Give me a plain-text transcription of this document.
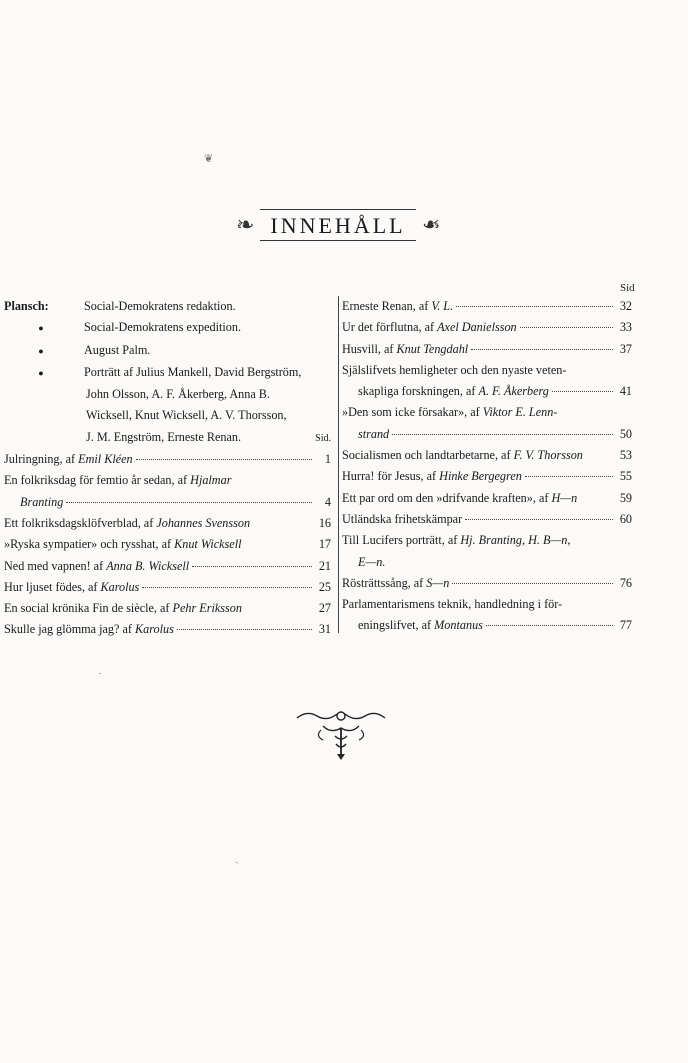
❦
ˎ
·
❧ INNEHÅLL ❧
Sid
Plansch:	Social-Demokratens redaktion.
●	Social-Demokratens expedition.
●	August Palm.
●	Porträtt af Julius Mankell, David Bergström,
John Olsson, A. F. Åkerberg, Anna B.
Wicksell, Knut Wicksell, A. V. Thorsson,
J. M. Engström, Erneste Renan.	Sid.
Julringning, af Emil Kléen	1
En folkriksdag för femtio år sedan, af Hjalmar
Branting	4
Ett folkriksdagsklöfverblad, af Johannes Svensson	16
»Ryska sympatier» och rysshat, af Knut Wicksell	17
Ned med vapnen! af Anna B. Wicksell	21
Hur ljuset födes, af Karolus	25
En social krönika Fin de siècle, af Pehr Eriksson	27
Skulle jag glömma jag? af Karolus	31
Erneste Renan, af V. L.	32
Ur det förflutna, af Axel Danielsson	33
Husvill, af Knut Tengdahl	37
Själslifvets hemligheter och den nyaste veten-
skapliga forskningen, af A. F. Åkerberg	41
»Den som icke försakar», af Viktor E. Lenn-
strand	50
Socialismen och landtarbetarne, af F. V. Thorsson	53
Hurra! för Jesus, af Hinke Bergegren	55
Ett par ord om den »drifvande kraften», af H—n	59
Utländska frihetskämpar	60
Till Lucifers porträtt, af Hj. Branting, H. B—n,
E—n.
Rösträttssång, af S—n	76
Parlamentarismens teknik, handledning i för-
eningslifvet, af Montanus	77
